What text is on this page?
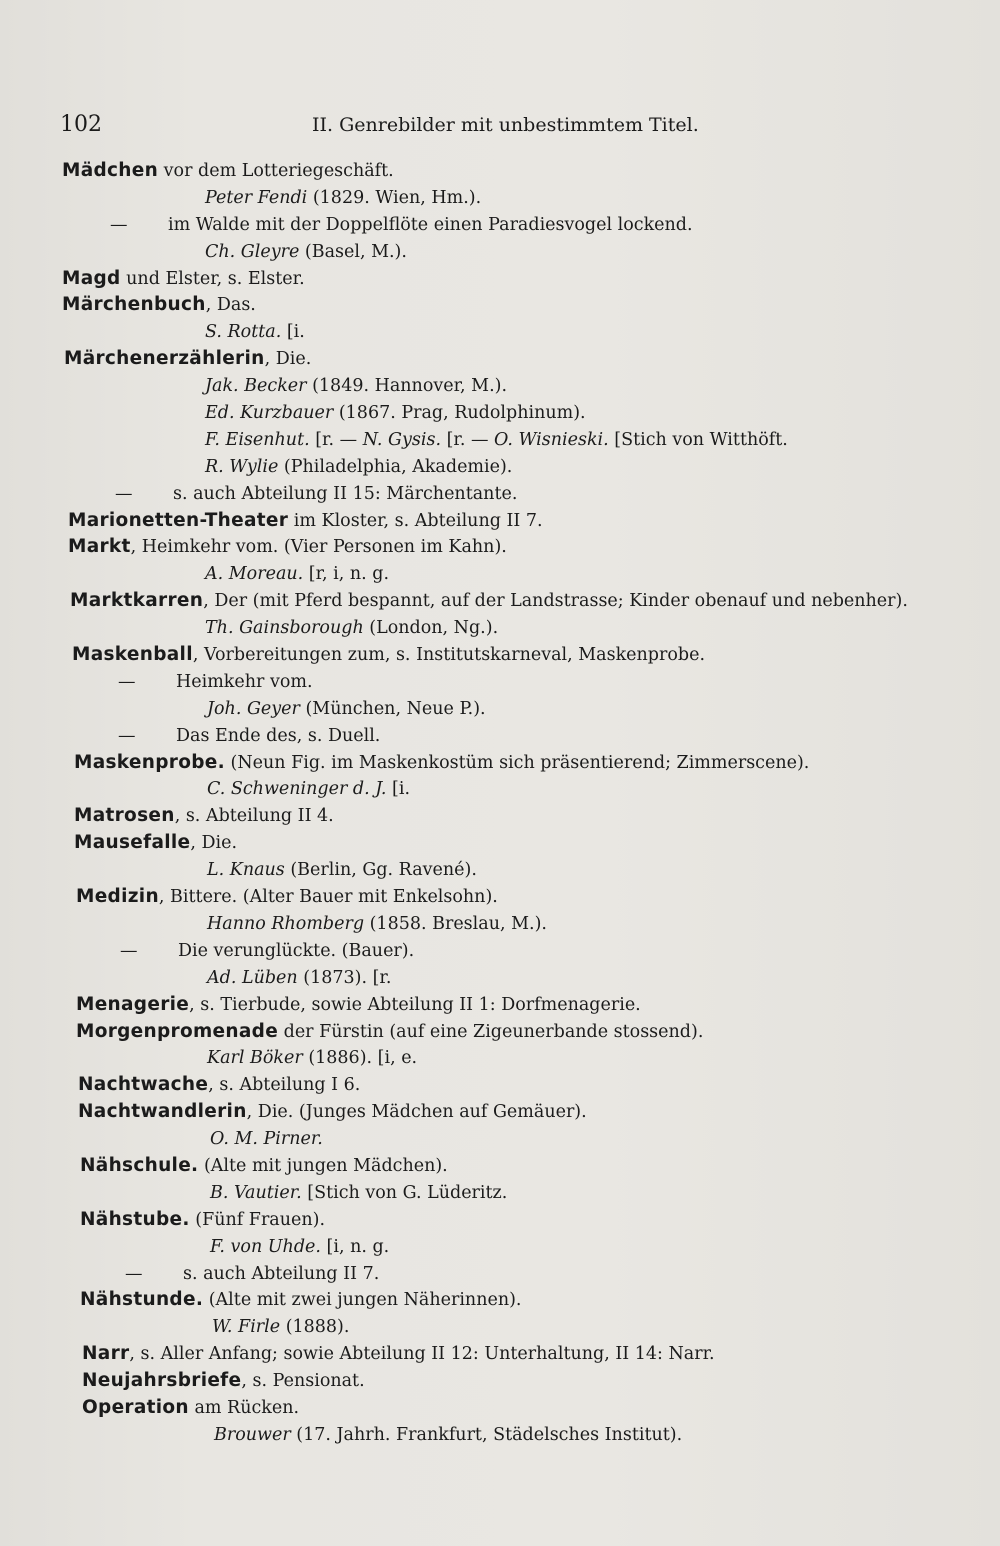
102	II. Genrebilder mit unbestimmtem Titel.
Mädchen vor dem Lotteriegeschäft.
Peter Fendi (1829. Wien, Hm.).
— im Walde mit der Doppelflöte einen Paradiesvogel lockend.
Ch. Gleyre (Basel, M.).
Magd und Elster, s. Elster.
Märchenbuch, Das.
S. Rotta. [i.
Märchenerzählerin, Die.
Jak. Becker (1849. Hannover, M.).
Ed. Kurzbauer (1867. Prag, Rudolphinum).
F. Eisenhut. [r. — N. Gysis. [r. — O. Wisnieski. [Stich von Witthöft.
R. Wylie (Philadelphia, Akademie).
— s. auch Abteilung II 15: Märchentante.
Marionetten-Theater im Kloster, s. Abteilung II 7.
Markt, Heimkehr vom. (Vier Personen im Kahn).
A. Moreau. [r, i, n. g.
Marktkarren, Der (mit Pferd bespannt, auf der Landstrasse; Kinder obenauf und nebenher).
Th. Gainsborough (London, Ng.).
Maskenball, Vorbereitungen zum, s. Institutskarneval, Maskenprobe.
— Heimkehr vom.
Joh. Geyer (München, Neue P.).
— Das Ende des, s. Duell.
Maskenprobe. (Neun Fig. im Maskenkostüm sich präsentierend; Zimmerscene).
C. Schweninger d. J. [i.
Matrosen, s. Abteilung II 4.
Mausefalle, Die.
L. Knaus (Berlin, Gg. Ravené).
Medizin, Bittere. (Alter Bauer mit Enkelsohn).
Hanno Rhomberg (1858. Breslau, M.).
— Die verunglückte. (Bauer).
Ad. Lüben (1873). [r.
Menagerie, s. Tierbude, sowie Abteilung II 1: Dorfmenagerie.
Morgenpromenade der Fürstin (auf eine Zigeunerbande stossend).
Karl Böker (1886). [i, e.
Nachtwache, s. Abteilung I 6.
Nachtwandlerin, Die. (Junges Mädchen auf Gemäuer).
O. M. Pirner.
Nähschule. (Alte mit jungen Mädchen).
B. Vautier. [Stich von G. Lüderitz.
Nähstube. (Fünf Frauen).
F. von Uhde. [i, n. g.
— s. auch Abteilung II 7.
Nähstunde. (Alte mit zwei jungen Näherinnen).
W. Firle (1888).
Narr, s. Aller Anfang; sowie Abteilung II 12: Unterhaltung, II 14: Narr.
Neujahrsbriefe, s. Pensionat.
Operation am Rücken.
Brouwer (17. Jahrh. Frankfurt, Städelsches Institut).
